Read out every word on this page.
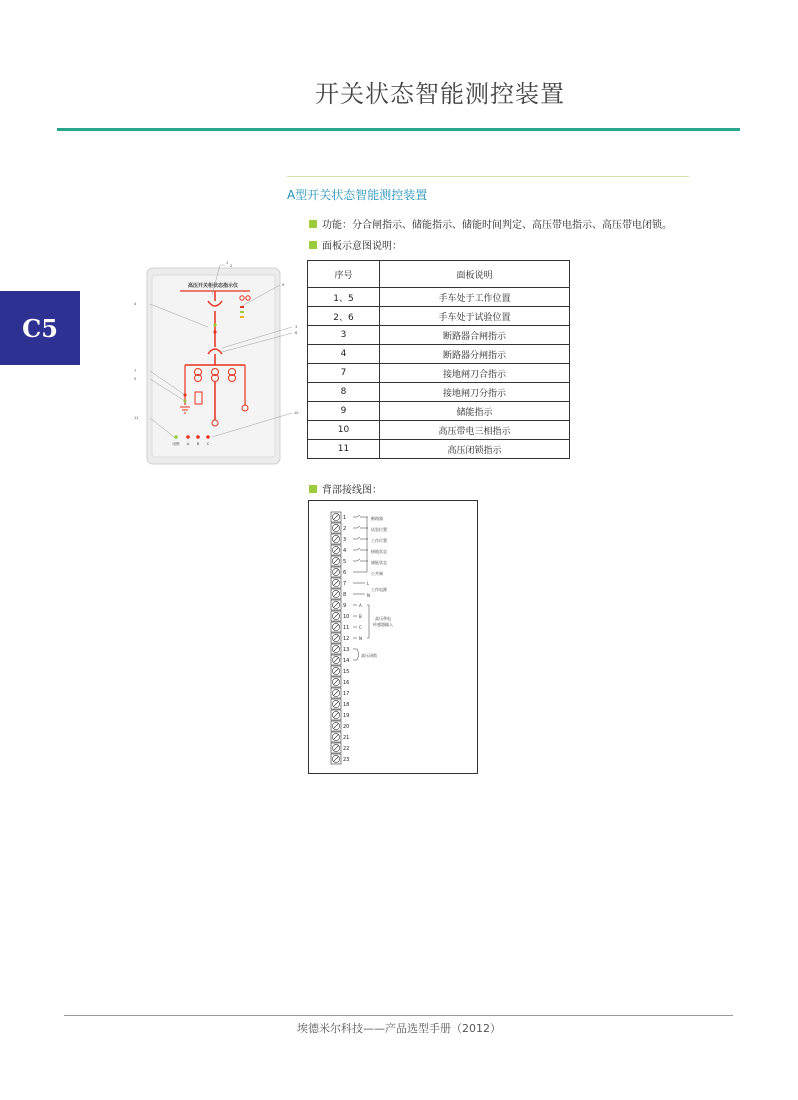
开关状态智能测控装置
C5
A型开关状态智能测控装置
功能：分合闸指示、储能指示、储能时间判定、高压带电指示、高压带电闭锁。
面板示意图说明：
背部接线图：
高压开关柜状态指示仪
闭锁 A B C
1
2
4
3
6
5
7
9
11
10
序号	面板说明
1、5	手车处于工作位置
2、6	手车处于试验位置
3	断路器合闸指示
4	断路器分闸指示
7	接地闸刀合指示
8	接地闸刀分指示
9	储能指示
10	高压带电三相指示
11	高压闭锁指示
1
2
3
4
5
6
7
8
9
10
11
12
13
14
15
16
17
18
19
20
21
22
23
断路器
试验位置
工作位置
接地状态
储能状态
公共端
L
N
工作电源
A
B
C
N
高压带电
传感器输入
高压闭锁
埃德米尔科技——产品选型手册（2012）
